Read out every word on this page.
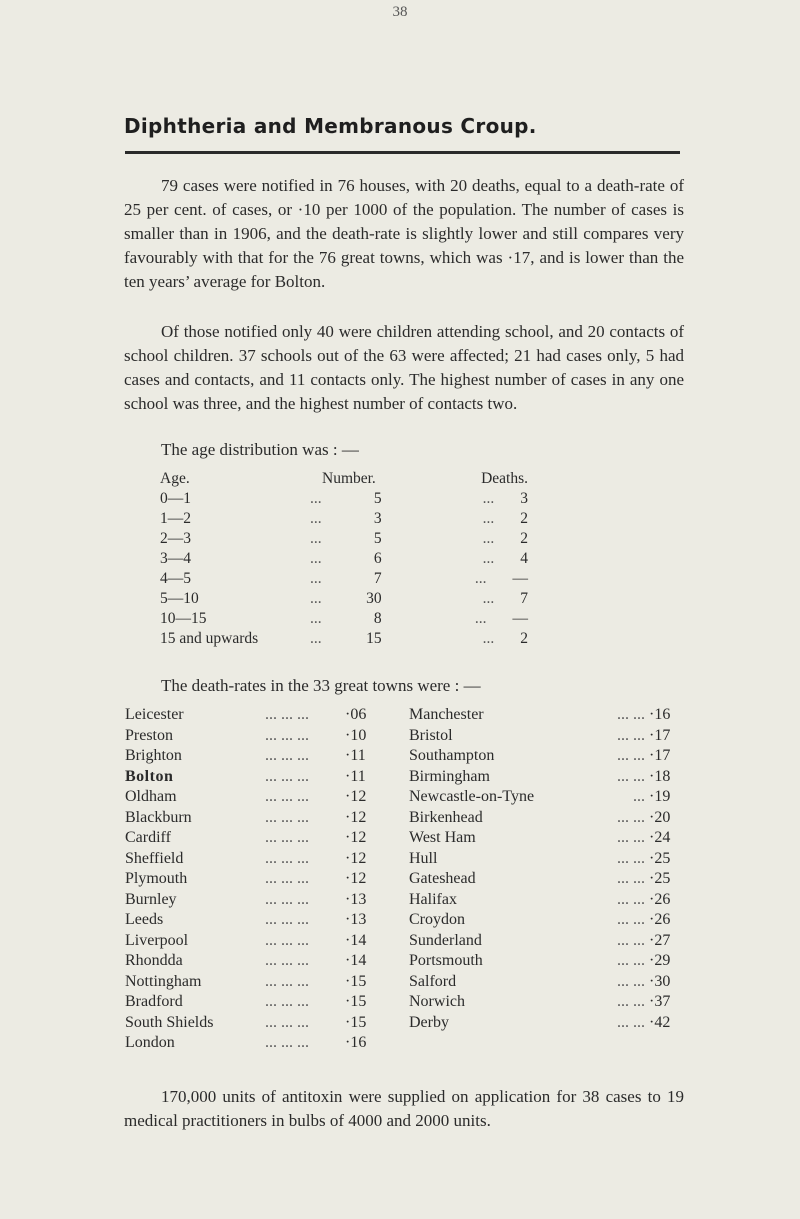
38
Diphtheria and Membranous Croup.

79 cases were notified in 76 houses, with 20 deaths, equal to a death-rate of 25 per cent. of cases, or ·10 per 1000 of the population. The number of cases is smaller than in 1906, and the death-rate is slightly lower and still compares very favourably with that for the 76 great towns, which was ·17, and is lower than the ten years’ average for Bolton.

Of those notified only 40 were children attending school, and 20 contacts of school children. 37 schools out of the 63 were affected; 21 had cases only, 5 had cases and contacts, and 11 contacts only. The highest number of cases in any one school was three, and the highest number of contacts two.

The age distribution was : —

Age.	Number.	Deaths.
0—1	... 5	... 3
1—2	... 3	... 2
2—3	... 5	... 2
3—4	... 6	... 4
4—5	... 7	... —
5—10	... 30	... 7
10—15	... 8	... —
15 and upwards	... 15	... 2

The death-rates in the 33 great towns were : —

Leicester	... ... ...	·06	Manchester	... ...	·16
Preston	... ... ...	·10	Bristol	... ...	·17
Brighton	... ... ...	·11	Southampton	... ...	·17
Bolton	... ... ...	·11	Birmingham	... ...	·18
Oldham	... ... ...	·12	Newcastle-on-Tyne	...	·19
Blackburn	... ... ...	·12	Birkenhead	... ...	·20
Cardiff	... ... ...	·12	West Ham	... ...	·24
Sheffield	... ... ...	·12	Hull	... ...	·25
Plymouth	... ... ...	·12	Gateshead	... ...	·25
Burnley	... ... ...	·13	Halifax	... ...	·26
Leeds	... ... ...	·13	Croydon	... ...	·26
Liverpool	... ... ...	·14	Sunderland	... ...	·27
Rhondda	... ... ...	·14	Portsmouth	... ...	·29
Nottingham	... ... ...	·15	Salford	... ...	·30
Bradford	... ... ...	·15	Norwich	... ...	·37
South Shields	... ... ...	·15	Derby	... ...	·42
London	... ... ...	·16			

170,000 units of antitoxin were supplied on application for 38 cases to 19 medical practitioners in bulbs of 4000 and 2000 units.
